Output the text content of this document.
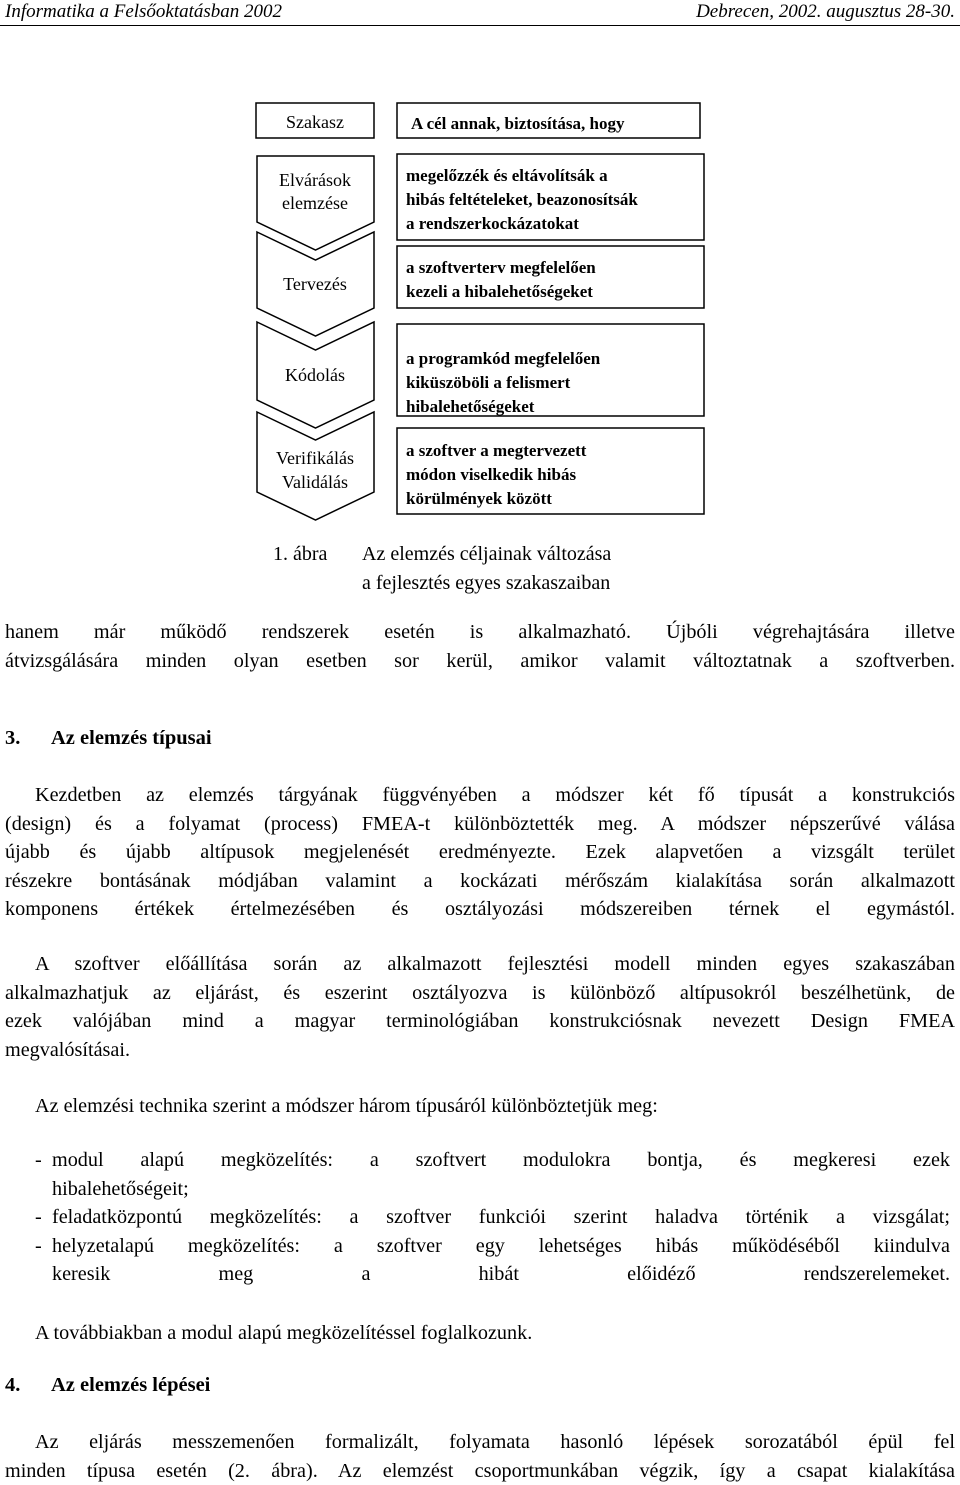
Informatika a Felsőoktatásban 2002	Debrecen, 2002. augusztus 28-30.
Szakasz	A cél annak, biztosítása, hogy
Elvárások
elemzése
Tervezés
Kódolás
Verifikálás
Validálás
megelőzzék és eltávolítsák a
hibás feltételeket, beazonosítsák
a rendszerkockázatokat
a szoftverterv megfelelően
kezeli a hibalehetőségeket
a programkód megfelelően
kiküszöböli a felismert
hibalehetőségeket
a szoftver a megtervezett
módon viselkedik hibás
körülmények között
1. ábra Az elemzés céljainak változása
a fejlesztés egyes szakaszaiban
hanem már működő rendszerek esetén is alkalmazható. Újbóli végrehajtására illetve
átvizsgálására minden olyan esetben sor kerül, amikor valamit változtatnak a szoftverben.
3. Az elemzés típusai
Kezdetben az elemzés tárgyának függvényében a módszer két fő típusát a konstrukciós
(design) és a folyamat (process) FMEA-t különböztették meg. A módszer népszerűvé válása
újabb és újabb altípusok megjelenését eredményezte. Ezek alapvetően a vizsgált terület
részekre bontásának módjában valamint a kockázati mérőszám kialakítása során alkalmazott
komponens értékek értelmezésében és osztályozási módszereiben térnek el egymástól.
A szoftver előállítása során az alkalmazott fejlesztési modell minden egyes szakaszában
alkalmazhatjuk az eljárást, és eszerint osztályozva is különböző altípusokról beszélhetünk, de
ezek valójában mind a magyar terminológiában konstrukciósnak nevezett Design FMEA
megvalósításai.
Az elemzési technika szerint a módszer három típusáról különböztetjük meg:
- modul alapú megközelítés: a szoftvert modulokra bontja, és megkeresi ezek
hibalehetőségeit;
- feladatközpontú megközelítés: a szoftver funkciói szerint haladva történik a vizsgálat;
- helyzetalapú megközelítés: a szoftver egy lehetséges hibás működéséből kiindulva
keresik meg a hibát előidéző rendszerelemeket.
A továbbiakban a modul alapú megközelítéssel foglalkozunk.
4. Az elemzés lépései
Az eljárás messzemenően formalizált, folyamata hasonló lépések sorozatából épül fel
minden típusa esetén (2. ábra). Az elemzést csoportmunkában végzik, így a csapat kialakítása
